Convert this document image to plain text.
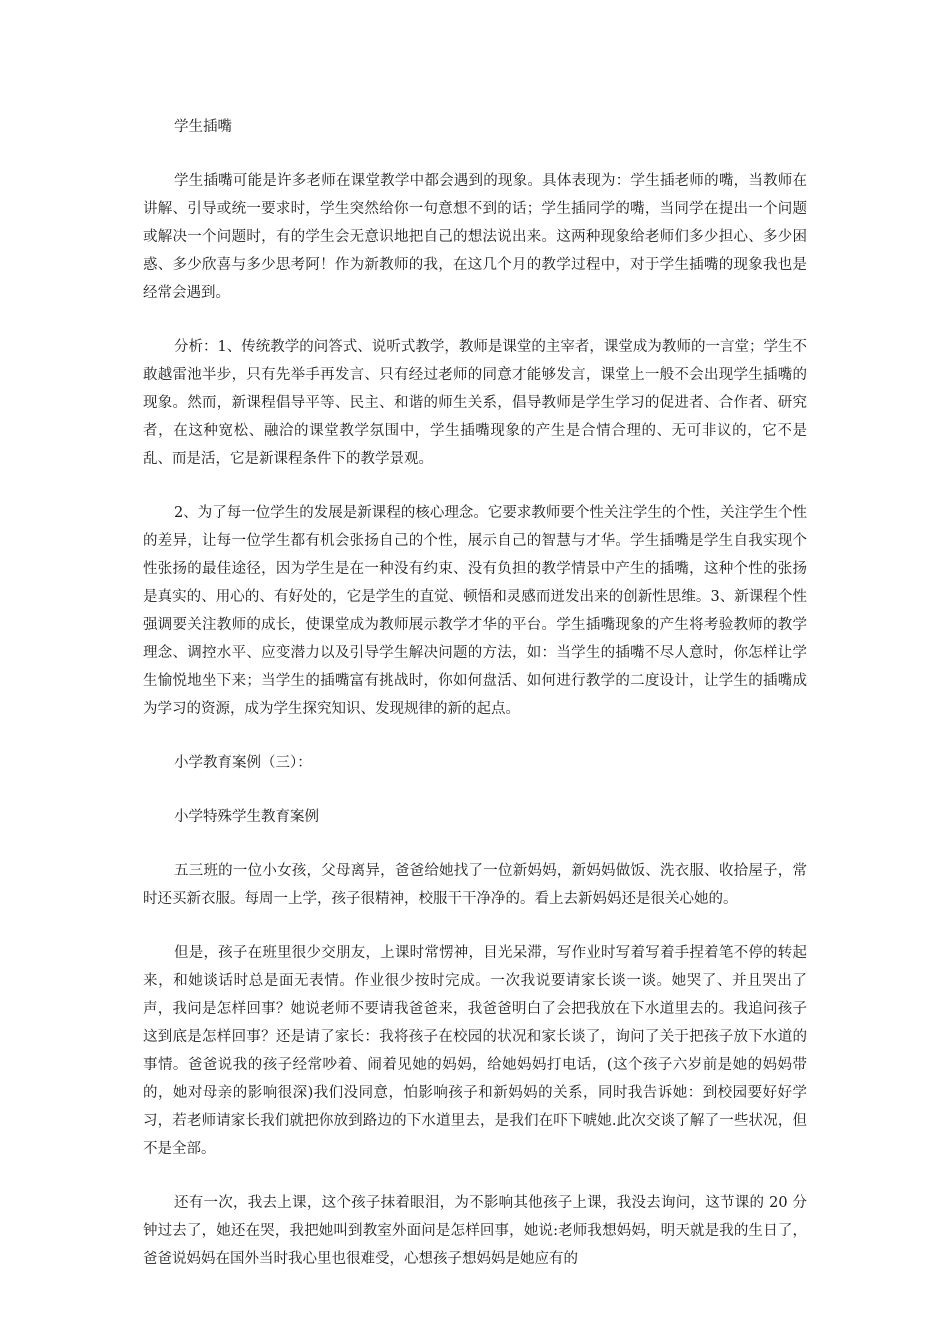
学生插嘴

学生插嘴可能是许多老师在课堂教学中都会遇到的现象。具体表现为：学生插老师的嘴，当教师在讲解、引导或统一要求时，学生突然给你一句意想不到的话；学生插同学的嘴，当同学在提出一个问题或解决一个问题时，有的学生会无意识地把自己的想法说出来。这两种现象给老师们多少担心、多少困惑、多少欣喜与多少思考阿！作为新教师的我，在这几个月的教学过程中，对于学生插嘴的现象我也是经常会遇到。

分析：1、传统教学的问答式、说听式教学，教师是课堂的主宰者，课堂成为教师的一言堂；学生不敢越雷池半步，只有先举手再发言、只有经过老师的同意才能够发言，课堂上一般不会出现学生插嘴的现象。然而，新课程倡导平等、民主、和谐的师生关系，倡导教师是学生学习的促进者、合作者、研究者，在这种宽松、融洽的课堂教学氛围中，学生插嘴现象的产生是合情合理的、无可非议的，它不是乱、而是活，它是新课程条件下的教学景观。

2、为了每一位学生的发展是新课程的核心理念。它要求教师要个性关注学生的个性，关注学生个性的差异，让每一位学生都有机会张扬自己的个性，展示自己的智慧与才华。学生插嘴是学生自我实现个性张扬的最佳途径，因为学生是在一种没有约束、没有负担的教学情景中产生的插嘴，这种个性的张扬是真实的、用心的、有好处的，它是学生的直觉、顿悟和灵感而迸发出来的创新性思维。3、新课程个性强调要关注教师的成长，使课堂成为教师展示教学才华的平台。学生插嘴现象的产生将考验教师的教学理念、调控水平、应变潜力以及引导学生解决问题的方法，如：当学生的插嘴不尽人意时，你怎样让学生愉悦地坐下来；当学生的插嘴富有挑战时，你如何盘活、如何进行教学的二度设计，让学生的插嘴成为学习的资源，成为学生探究知识、发现规律的新的起点。

小学教育案例（三）：

小学特殊学生教育案例

五三班的一位小女孩，父母离异，爸爸给她找了一位新妈妈，新妈妈做饭、洗衣服、收拾屋子，常时还买新衣服。每周一上学，孩子很精神，校服干干净净的。看上去新妈妈还是很关心她的。

但是，孩子在班里很少交朋友，上课时常愣神，目光呆滞，写作业时写着写着手捏着笔不停的转起来，和她谈话时总是面无表情。作业很少按时完成。一次我说要请家长谈一谈。她哭了、并且哭出了声，我问是怎样回事？她说老师不要请我爸爸来，我爸爸明白了会把我放在下水道里去的。我追问孩子这到底是怎样回事？还是请了家长：我将孩子在校园的状况和家长谈了，询问了关于把孩子放下水道的事情。爸爸说我的孩子经常吵着、闹着见她的妈妈，给她妈妈打电话，(这个孩子六岁前是她的妈妈带的，她对母亲的影响很深)我们没同意，怕影响孩子和新妈妈的关系，同时我告诉她：到校园要好好学习，若老师请家长我们就把你放到路边的下水道里去，是我们在吓下唬她.此次交谈了解了一些状况，但不是全部。

还有一次，我去上课，这个孩子抹着眼泪，为不影响其他孩子上课，我没去询问，这节课的 20 分钟过去了，她还在哭，我把她叫到教室外面问是怎样回事，她说:老师我想妈妈，明天就是我的生日了，爸爸说妈妈在国外当时我心里也很难受，心想孩子想妈妈是她应有的
